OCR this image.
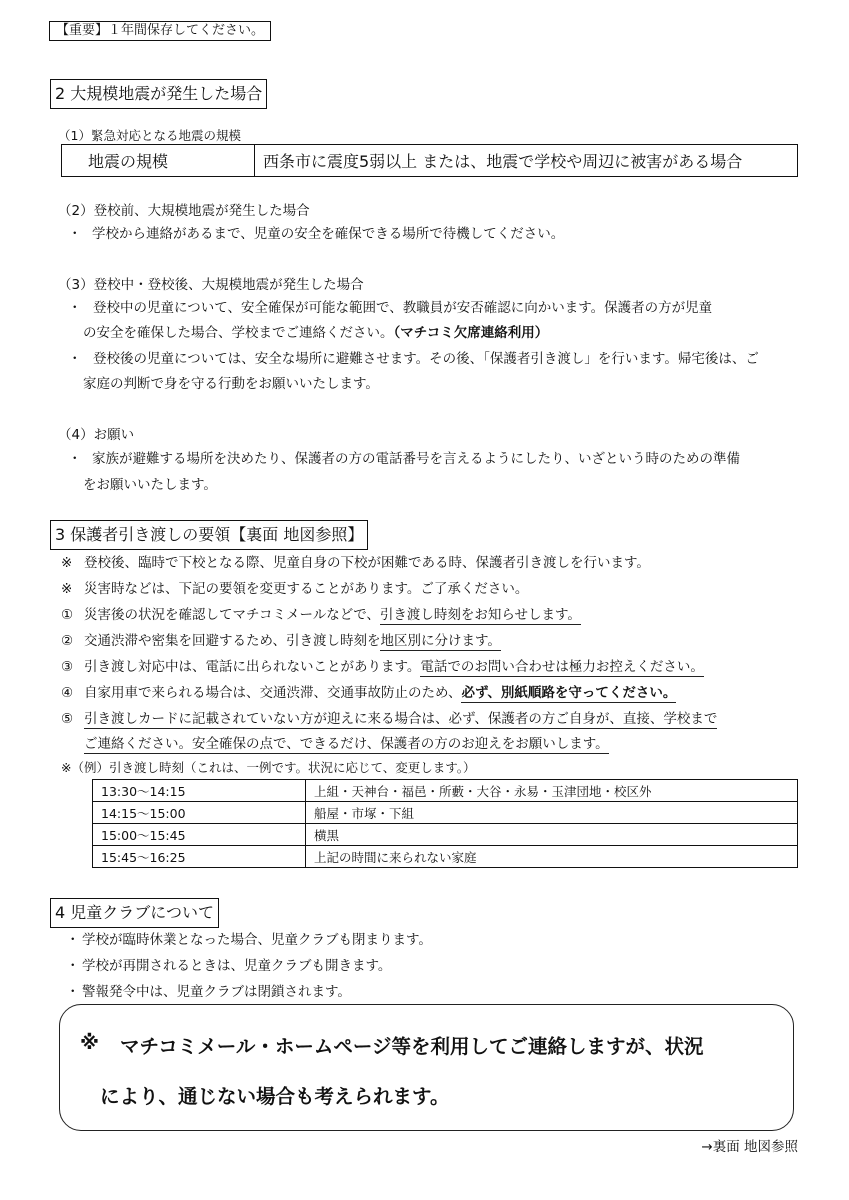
【重要】１年間保存してください。
2 大規模地震が発生した場合
（1）緊急対応となる地震の規模
地震の規模	西条市に震度5弱以上 または、地震で学校や周辺に被害がある場合
（2）登校前、大規模地震が発生した場合
・ 学校から連絡があるまで、児童の安全を確保できる場所で待機してください。
（3）登校中・登校後、大規模地震が発生した場合
・ 登校中の児童について、安全確保が可能な範囲で、教職員が安否確認に向かいます。保護者の方が児童
の安全を確保した場合、学校までご連絡ください。（マチコミ欠席連絡利用）
・ 登校後の児童については、安全な場所に避難させます。その後、「保護者引き渡し」を行います。帰宅後は、ご
家庭の判断で身を守る行動をお願いいたします。
（4）お願い
・ 家族が避難する場所を決めたり、保護者の方の電話番号を言えるようにしたり、いざという時のための準備
をお願いいたします。
3 保護者引き渡しの要領【裏面 地図参照】
※ 登校後、臨時で下校となる際、児童自身の下校が困難である時、保護者引き渡しを行います。
※ 災害時などは、下記の要領を変更することがあります。ご了承ください。
① 災害後の状況を確認してマチコミメールなどで、引き渡し時刻をお知らせします。
② 交通渋滞や密集を回避するため、引き渡し時刻を地区別に分けます。
③ 引き渡し対応中は、電話に出られないことがあります。電話でのお問い合わせは極力お控えください。
④ 自家用車で来られる場合は、交通渋滞、交通事故防止のため、必ず、別紙順路を守ってください。
⑤ 引き渡しカードに記載されていない方が迎えに来る場合は、必ず、保護者の方ご自身が、直接、学校まで
ご連絡ください。安全確保の点で、できるだけ、保護者の方のお迎えをお願いします。
※（例）引き渡し時刻（これは、一例です。状況に応じて、変更します。）
13:30～14:15	上組・天神台・福邑・所藪・大谷・永易・玉津団地・校区外
14:15～15:00	船屋・市塚・下組
15:00～15:45	横黒
15:45～16:25	上記の時間に来られない家庭
4 児童クラブについて
・ 学校が臨時休業となった場合、児童クラブも閉まります。
・ 学校が再開されるときは、児童クラブも開きます。
・ 警報発令中は、児童クラブは閉鎖されます。
※ マチコミメール・ホームページ等を利用してご連絡しますが、状況
により、通じない場合も考えられます。
→裏面 地図参照
